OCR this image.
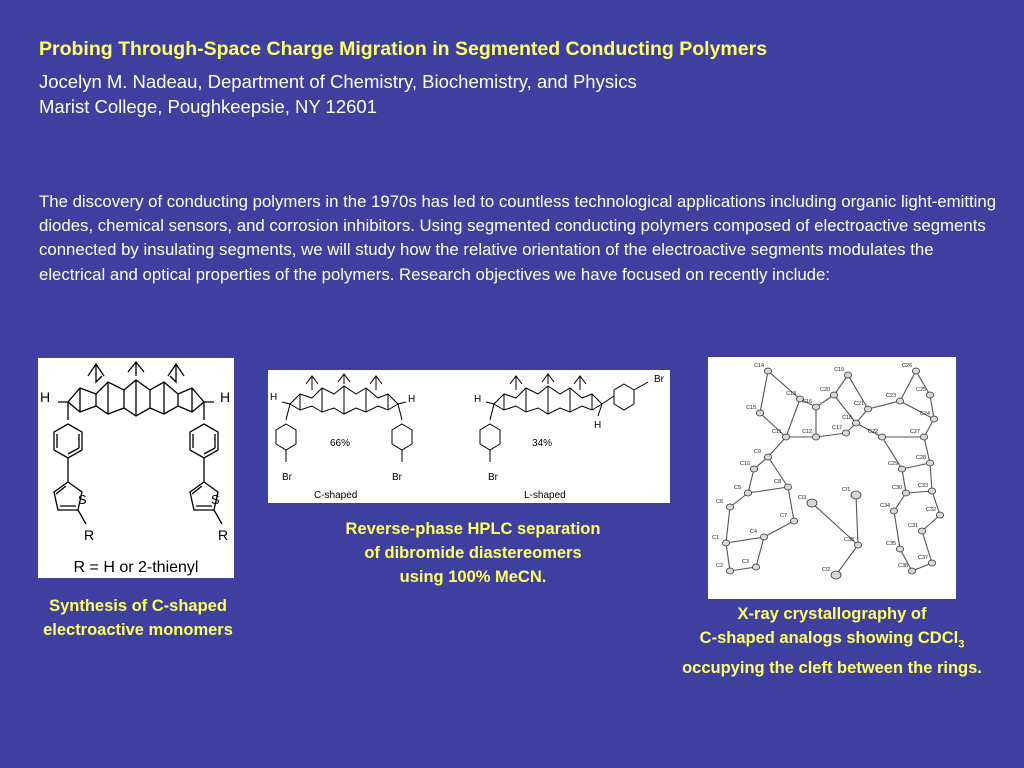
Probing Through-Space Charge Migration in Segmented Conducting Polymers
Jocelyn M. Nadeau, Department of Chemistry, Biochemistry, and Physics
Marist College, Poughkeepsie, NY 12601
The discovery of conducting polymers in the 1970s has led to countless technological applications including organic light-emitting diodes, chemical sensors, and corrosion inhibitors. Using segmented conducting polymers composed of electroactive segments connected by insulating segments, we will study how the relative orientation of the electroactive segments modulates the electrical and optical properties of the polymers. Research objectives we have focused on recently include:
H	H
S	S
R	R
R = H or 2-thienyl
H	H
66%
Br	Br
C-shaped
H
H
Br
34%
Br
L-shaped
C14
C19
C26
C20	C25
C13
C16	C21
C23
C15
C24
C18
C11	C12
C17
C22	C27
C9
C10	C29
C28
C8
C5	C33
C30
C6
C7
Cl3
Cl1
C34
C32
C4
C1	C38
C31
C35
C2
C3
C36
C37
Cl2
Synthesis of C-shaped
electroactive monomers
Reverse-phase HPLC separation
of dibromide diastereomers
using 100% MeCN.
X-ray crystallography of
C-shaped analogs showing CDCl$_3$
occupying the cleft between the rings.
